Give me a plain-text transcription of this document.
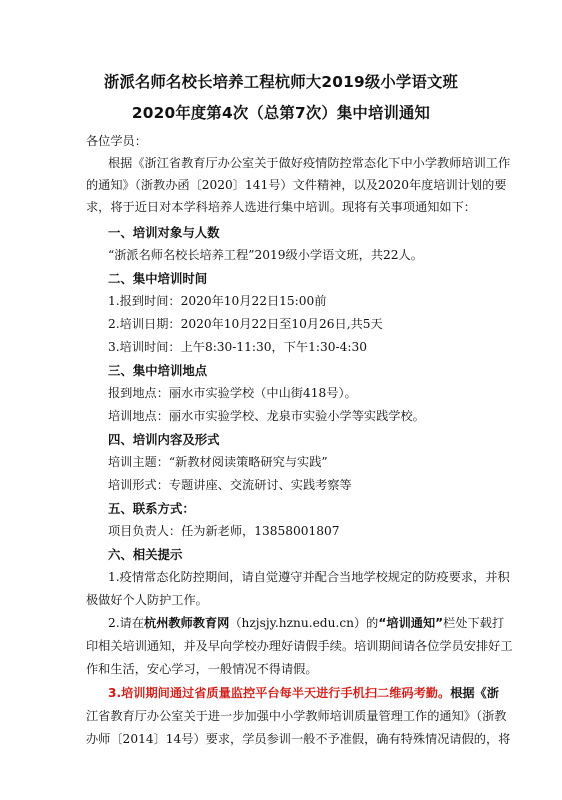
浙派名师名校长培养工程杭师大2019级小学语文班
2020年度第4次（总第7次）集中培训通知
各位学员：
根据《浙江省教育厅办公室关于做好疫情防控常态化下中小学教师培训工作
的通知》（浙教办函〔2020〕141号）文件精神，以及2020年度培训计划的要
求，将于近日对本学科培养人选进行集中培训。现将有关事项通知如下：
一、培训对象与人数
“浙派名师名校长培养工程”2019级小学语文班，共22人。
二、集中培训时间
1.报到时间：2020年10月22日15:00前
2.培训日期：2020年10月22日至10月26日,共5天
3.培训时间：上午8:30-11:30，下午1:30-4:30
三、集中培训地点
报到地点：丽水市实验学校（中山街418号）。
培训地点：丽水市实验学校、龙泉市实验小学等实践学校。
四、培训内容及形式
培训主题：“新教材阅读策略研究与实践”
培训形式：专题讲座、交流研讨、实践考察等
五、联系方式：
项目负责人：任为新老师，13858001807
六、相关提示
1.疫情常态化防控期间，请自觉遵守并配合当地学校规定的防疫要求，并积
极做好个人防护工作。
2.请在杭州教师教育网（hzjsjy.hznu.edu.cn）的“培训通知”栏处下载打
印相关培训通知，并及早向学校办理好请假手续。培训期间请各位学员安排好工
作和生活，安心学习，一般情况不得请假。
3.培训期间通过省质量监控平台每半天进行手机扫二维码考勤。根据《浙
江省教育厅办公室关于进一步加强中小学教师培训质量管理工作的通知》（浙教
办师〔2014〕14号）要求，学员参训一般不予准假，确有特殊情况请假的，将
